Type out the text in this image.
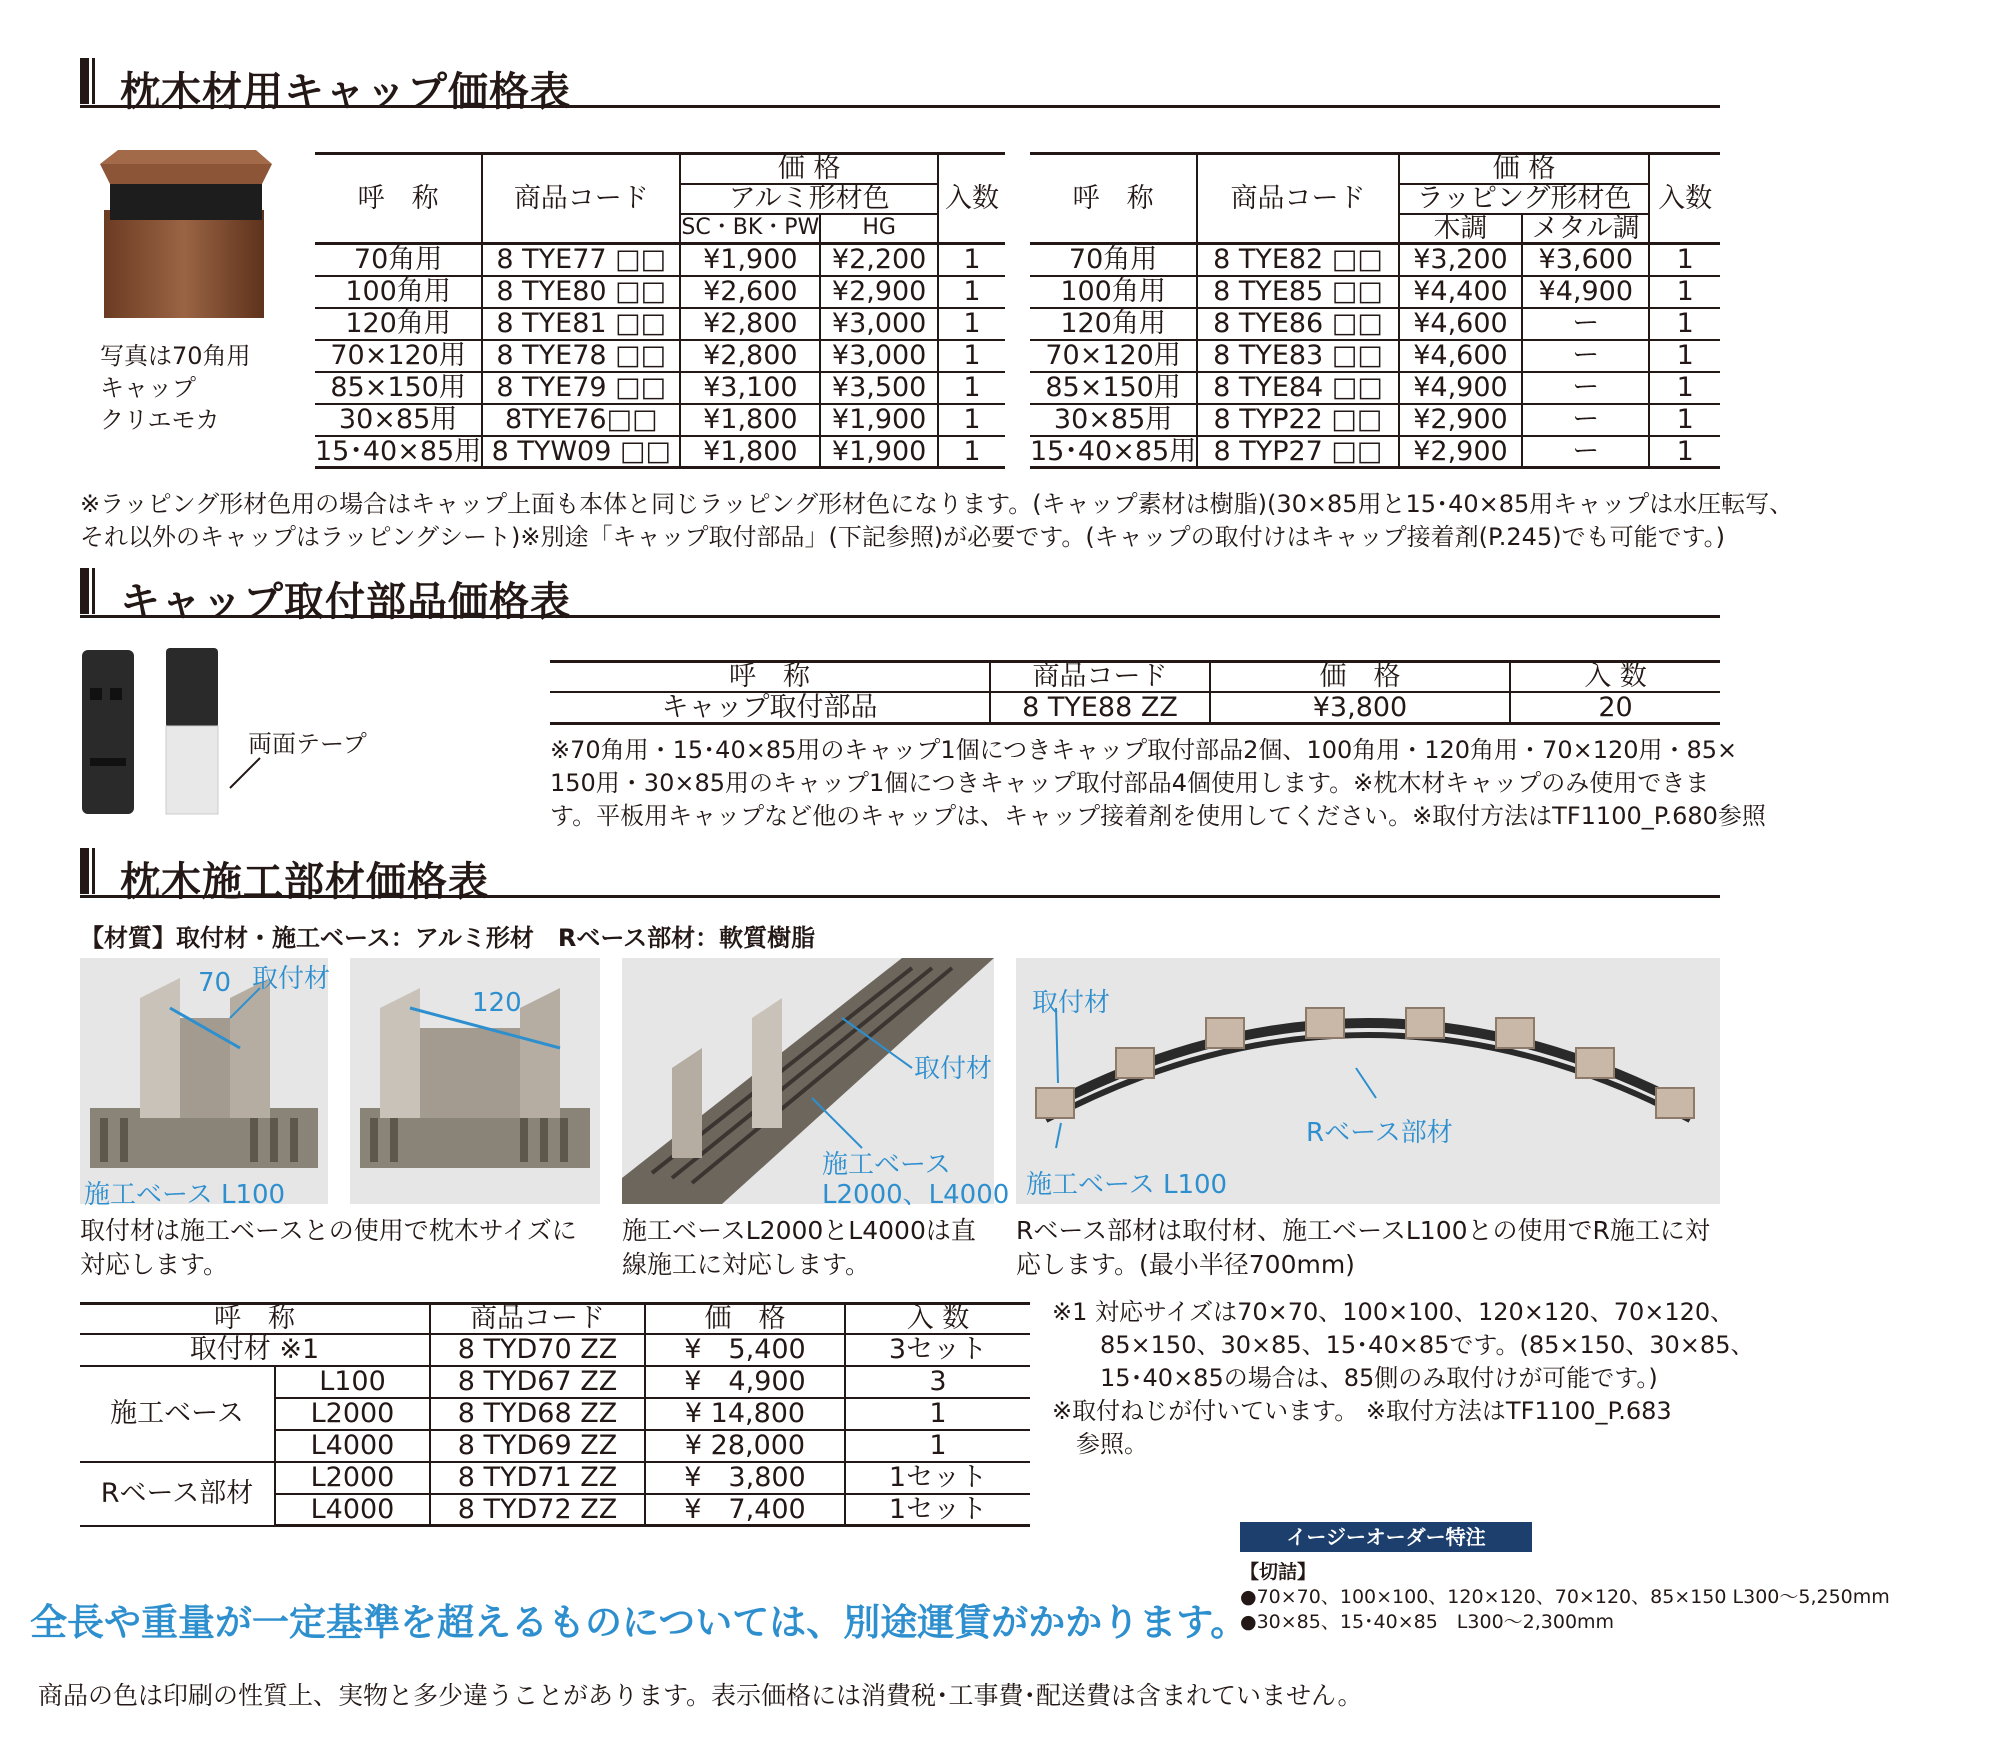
枕木材用キャップ価格表
写真は70角用
キャップ
クリエモカ
呼　称	商品コード	価 格		入数
		アルミ形材色		
		SC・BK・PW	HG	
70角用	8 TYE77 □□	¥1,900	¥2,200	1
100角用	8 TYE80 □□	¥2,600	¥2,900	1
120角用	8 TYE81 □□	¥2,800	¥3,000	1
70×120用	8 TYE78 □□	¥2,800	¥3,000	1
85×150用	8 TYE79 □□	¥3,100	¥3,500	1
30×85用	8TYE76□□	¥1,800	¥1,900	1
15･40×85用	8 TYW09 □□	¥1,800	¥1,900	1
呼　称	商品コード	価 格		入数
		ラッピング形材色		
		木調	メタル調	
70角用	8 TYE82 □□	¥3,200	¥3,600	1
100角用	8 TYE85 □□	¥4,400	¥4,900	1
120角用	8 TYE86 □□	¥4,600	ー	1
70×120用	8 TYE83 □□	¥4,600	ー	1
85×150用	8 TYE84 □□	¥4,900	ー	1
30×85用	8 TYP22 □□	¥2,900	ー	1
15･40×85用	8 TYP27 □□	¥2,900	ー	1
※ラッピング形材色用の場合はキャップ上面も本体と同じラッピング形材色になります。(キャップ素材は樹脂)(30×85用と15･40×85用キャップは水圧転写、
それ以外のキャップはラッピングシート)※別途「キャップ取付部品」(下記参照)が必要です。(キャップの取付けはキャップ接着剤(P.245)でも可能です。)
キャップ取付部品価格表
両面テープ
呼　称	商品コード	価　格	入 数
キャップ取付部品	8 TYE88 ZZ	¥3,800	20
※70角用・15･40×85用のキャップ1個につきキャップ取付部品2個、100角用・120角用・70×120用・85×
150用・30×85用のキャップ1個につきキャップ取付部品4個使用します。※枕木材キャップのみ使用できま
す。平板用キャップなど他のキャップは、キャップ接着剤を使用してください。※取付方法はTF1100_P.680参照
枕木施工部材価格表
【材質】取付材・施工ベース：アルミ形材　Rベース部材：軟質樹脂
70 取付材
施工ベース L100
120
取付材
施工ベース
L2000、L4000
取付材
Rベース部材
施工ベース L100
取付材は施工ベースとの使用で枕木サイズに
対応します。
施工ベースL2000とL4000は直
線施工に対応します。
Rベース部材は取付材、施工ベースL100との使用でR施工に対
応します。(最小半径700mm)
呼　称		商品コード	価　格	入 数
取付材 ※1		8 TYD70 ZZ	¥　5,400	3セット
施工ベース	L100	8 TYD67 ZZ	¥　4,900	3
	L2000	8 TYD68 ZZ	¥ 14,800	1
	L4000	8 TYD69 ZZ	¥ 28,000	1
Rベース部材	L2000	8 TYD71 ZZ	¥　3,800	1セット
	L4000	8 TYD72 ZZ	¥　7,400	1セット
※1 対応サイズは70×70、100×100、120×120、70×120、
85×150、30×85、15･40×85です。(85×150、30×85、
15･40×85の場合は、85側のみ取付けが可能です。)
※取付ねじが付いています。 ※取付方法はTF1100_P.683
参照。
イージーオーダー特注
【切詰】
●70×70、100×100、120×120、70×120、85×150 L300～5,250mm
●30×85、15･40×85　L300～2,300mm
全長や重量が一定基準を超えるものについては、別途運賃がかかります。
商品の色は印刷の性質上、実物と多少違うことがあります。表示価格には消費税･工事費･配送費は含まれていません。
